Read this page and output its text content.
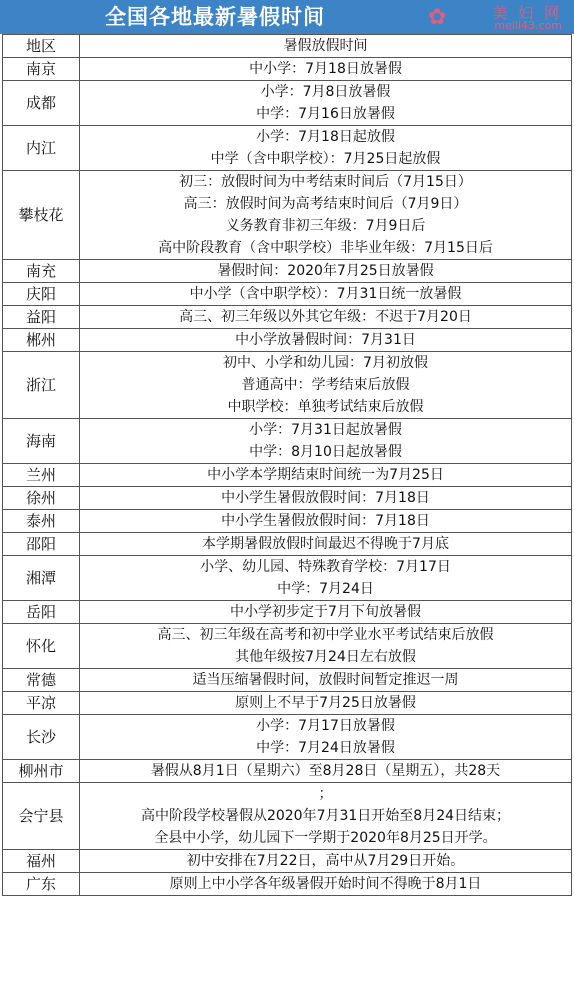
全国各地最新暑假时间	✿	美 妇 网
meili43.com
地区	暑假放假时间
南京	中小学：7月18日放暑假

成都	小学：7月8日放暑假
中学：7月16日放暑假

内江	小学：7月18日起放假
中学（含中职学校）：7月25日起放假

攀枝花	初三：放假时间为中考结束时间后（7月15日）
高三：放假时间为高考结束时间后（7月9日）
义务教育非初三年级：7月9日后
高中阶段教育（含中职学校）非毕业年级：7月15日后

南充	暑假时间：2020年7月25日放暑假

庆阳	中小学（含中职学校）：7月31日统一放暑假

益阳	高三、初三年级以外其它年级：不迟于7月20日

郴州	中小学放暑假时间：7月31日

浙江	初中、小学和幼儿园：7月初放假
普通高中：学考结束后放假
中职学校：单独考试结束后放假

海南	小学：7月31日起放暑假
中学：8月10日起放暑假

兰州	中小学本学期结束时间统一为7月25日

徐州	中小学生暑假放假时间：7月18日

泰州	中小学生暑假放假时间：7月18日

邵阳	本学期暑假放假时间最迟不得晚于7月底

湘潭	小学、幼儿园、特殊教育学校：7月17日
中学：7月24日

岳阳	中小学初步定于7月下旬放暑假

怀化	高三、初三年级在高考和初中学业水平考试结束后放假
其他年级按7月24日左右放假

常德	适当压缩暑假时间，放假时间暂定推迟一周

平凉	原则上不早于7月25日放暑假

长沙	小学：7月17日放暑假
中学：7月24日放暑假

柳州市	暑假从8月1日（星期六）至8月28日（星期五），共28天

会宁县	；
高中阶段学校暑假从2020年7月31日开始至8月24日结束；
全县中小学，幼儿园下一学期于2020年8月25日开学。

福州	初中安排在7月22日，高中从7月29日开始。

广东	原则上中小学各年级暑假开始时间不得晚于8月1日
